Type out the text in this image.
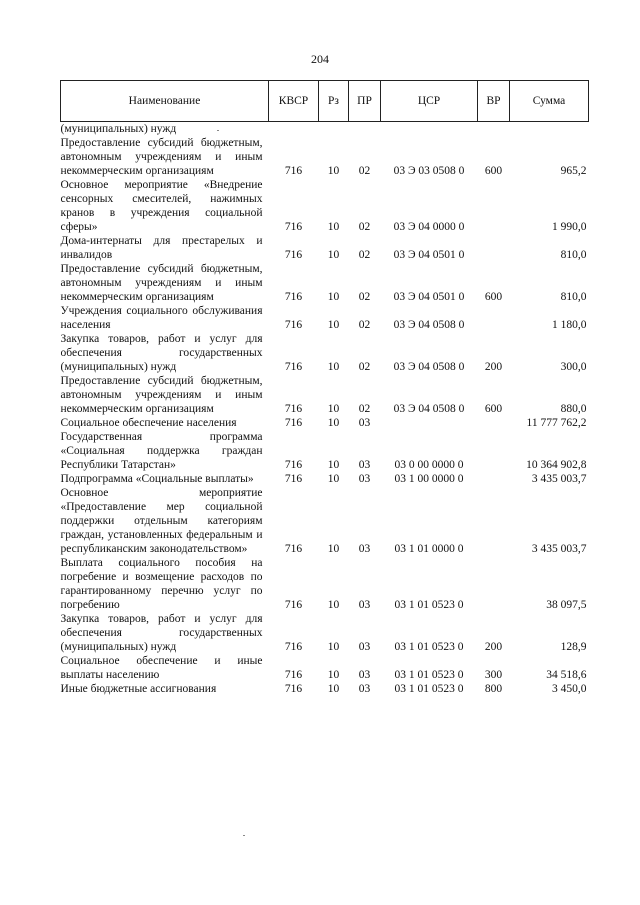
204
Наименование	КВСР	Рз	ПР	ЦСР	ВР	Сумма
(муниципальных) нужд						
Предоставление субсидий бюджетным, автономным учреждениям и иным некоммерческим организациям	716	10	02	03 Э 03 0508 0	600	965,2
Основное мероприятие «Внедрение сенсорных смесителей, нажимных кранов в учреждения социальной сферы»	716	10	02	03 Э 04 0000 0		1 990,0
Дома-интернаты для престарелых и инвалидов	716	10	02	03 Э 04 0501 0		810,0
Предоставление субсидий бюджетным, автономным учреждениям и иным некоммерческим организациям	716	10	02	03 Э 04 0501 0	600	810,0
Учреждения социального обслуживания населения	716	10	02	03 Э 04 0508 0		1 180,0
Закупка товаров, работ и услуг для обеспечения государственных (муниципальных) нужд	716	10	02	03 Э 04 0508 0	200	300,0
Предоставление субсидий бюджетным, автономным учреждениям и иным некоммерческим организациям	716	10	02	03 Э 04 0508 0	600	880,0
Социальное обеспечение населения	716	10	03			11 777 762,2
Государственная программа «Социальная поддержка граждан Республики Татарстан»	716	10	03	03 0 00 0000 0		10 364 902,8
Подпрограмма «Социальные выплаты»	716	10	03	03 1 00 0000 0		3 435 003,7
Основное мероприятие «Предоставление мер социальной поддержки отдельным категориям граждан, установленных федеральным и республиканским законодательством»	716	10	03	03 1 01 0000 0		3 435 003,7
Выплата социального пособия на погребение и возмещение расходов по гарантированному перечню услуг по погребению	716	10	03	03 1 01 0523 0		38 097,5
Закупка товаров, работ и услуг для обеспечения государственных (муниципальных) нужд	716	10	03	03 1 01 0523 0	200	128,9
Социальное обеспечение и иные выплаты населению	716	10	03	03 1 01 0523 0	300	34 518,6
Иные бюджетные ассигнования	716	10	03	03 1 01 0523 0	800	3 450,0
